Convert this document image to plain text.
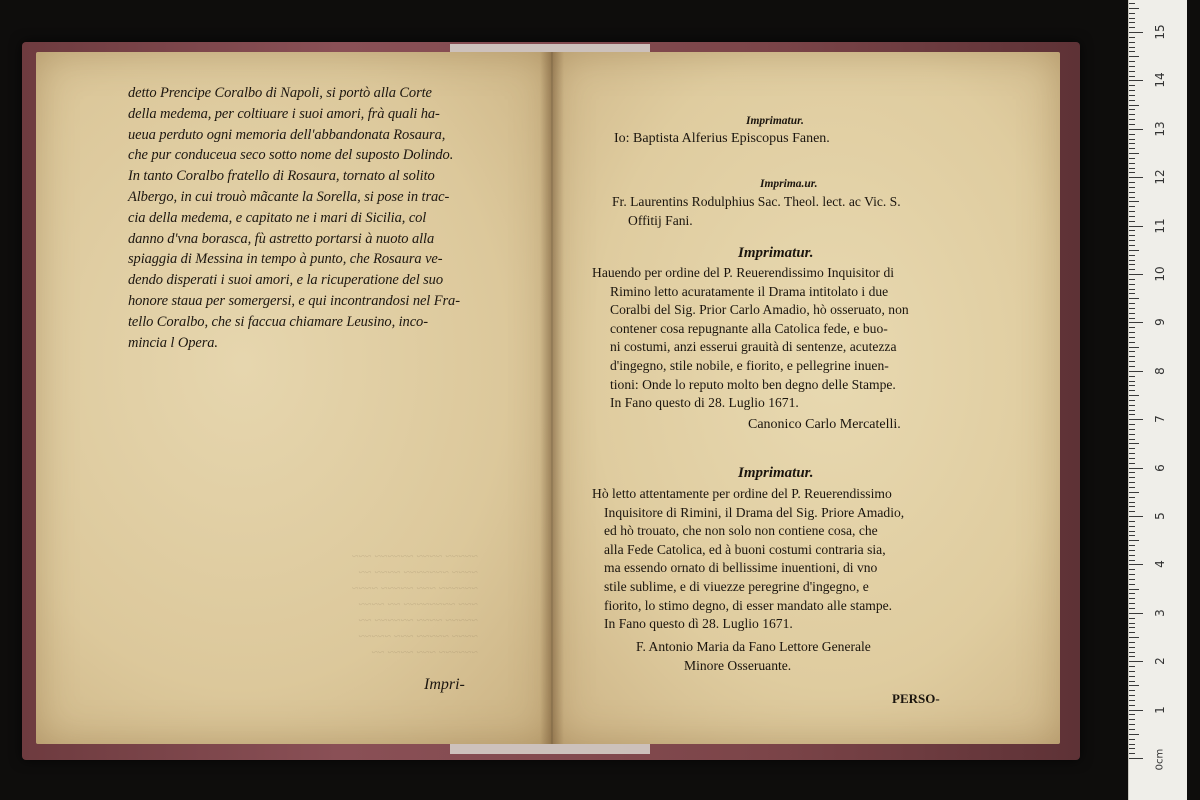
~~~~~ ~~~~ ~~~~~~ ~~~
~~~~ ~~~~~~~ ~~~~ ~~
~~~~~~ ~~~ ~~~~~ ~~~~
~~~ ~~~~~~~~ ~~ ~~~~
~~~~~ ~~~~ ~~~~~~ ~~
~~~~ ~~~~~ ~~~ ~~~~~
~~~~~~ ~~~ ~~~~ ~~
detto Prencipe Coralbo di Napoli, si portò alla Corte
della medema, per coltiuare i suoi amori, frà quali ha-
ueua perduto ogni memoria dell'abbandonata Rosaura,
che pur conduceua seco sotto nome del suposto Dolindo.
In tanto Coralbo fratello di Rosaura, tornato al solito
Albergo, in cui trouò mãcante la Sorella, si pose in trac-
cia della medema, e capitato ne i mari di Sicilia, col
danno d'vna borasca, fù astretto portarsi à nuoto alla
spiaggia di Messina in tempo à punto, che Rosaura ve-
dendo disperati i suoi amori, e la ricuperatione del suo
honore staua per somergersi, e qui incontrandosi nel Fra-
tello Coralbo, che si faccua chiamare Leusino, inco-
mincia l Opera.
Impri-
Imprimatur.
Io: Baptista Alferius Episcopus Fanen.
Imprima.ur.
Fr. Laurentins Rodulphius Sac. Theol. lect. ac Vic. S.
Offitij Fani.
Imprimatur.
Hauendo per ordine del P. Reuerendissimo Inquisitor di
Rimino letto acuratamente il Drama intitolato i due
Coralbi del Sig. Prior Carlo Amadio, hò osseruato, non
contener cosa repugnante alla Catolica fede, e buo-
ni costumi, anzi esserui grauità di sentenze, acutezza
d'ingegno, stile nobile, e fiorito, e pellegrine inuen-
tioni: Onde lo reputo molto ben degno delle Stampe.
In Fano questo di 28. Luglio 1671.
Canonico Carlo Mercatelli.
Imprimatur.
Hò letto attentamente per ordine del P. Reuerendissimo
Inquisitore di Rimini, il Drama del Sig. Priore Amadio,
ed hò trouato, che non solo non contiene cosa, che
alla Fede Catolica, ed à buoni costumi contraria sia,
ma essendo ornato di bellissime inuentioni, di vno
stile sublime, e di viuezze peregrine d'ingegno, e
fiorito, lo stimo degno, di esser mandato alle stampe.
In Fano questo dì 28. Luglio 1671.
F. Antonio Maria da Fano Lettore Generale
Minore Osseruante.
PERSO-
15
14
13
12
11
10
9
8
7
6
5
4
3
2
1
0cm
